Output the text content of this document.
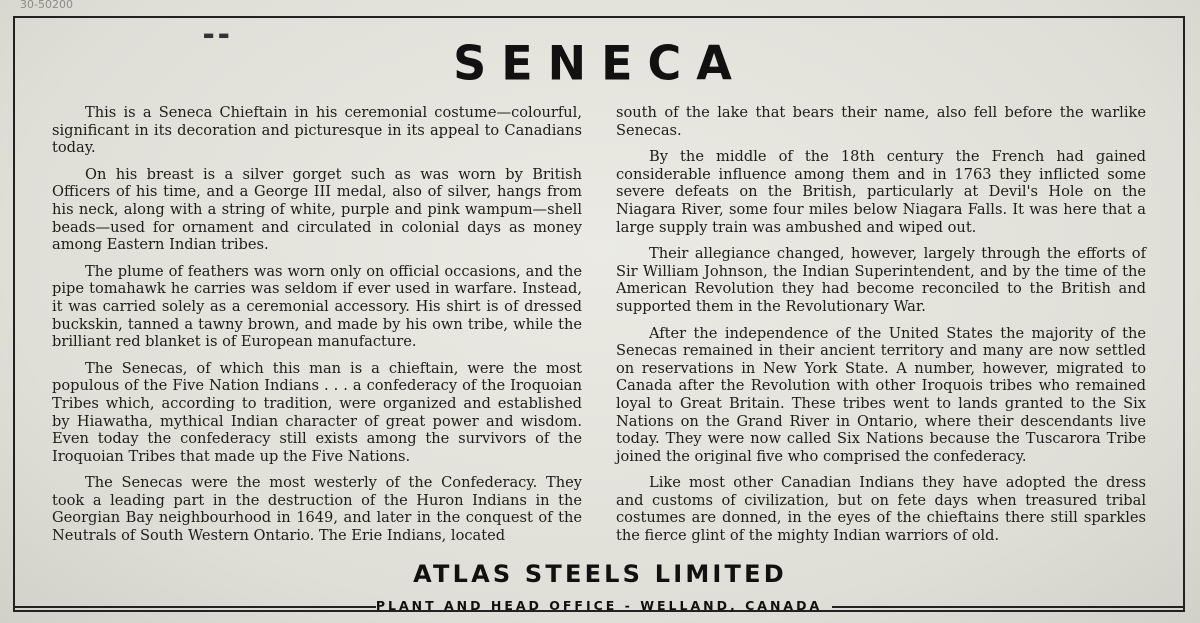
30-50200
▬ ▬
SENECA

This is a Seneca Chieftain in his ceremonial costume—colourful, significant in its decoration and picturesque in its appeal to Canadians today.

On his breast is a silver gorget such as was worn by British Officers of his time, and a George III medal, also of silver, hangs from his neck, along with a string of white, purple and pink wampum—shell beads—used for ornament and circulated in colonial days as money among Eastern Indian tribes.

The plume of feathers was worn only on official occasions, and the pipe tomahawk he carries was seldom if ever used in warfare. Instead, it was carried solely as a ceremonial accessory. His shirt is of dressed buckskin, tanned a tawny brown, and made by his own tribe, while the brilliant red blanket is of European manufacture.

The Senecas, of which this man is a chieftain, were the most populous of the Five Nation Indians . . . a confederacy of the Iroquoian Tribes which, according to tradition, were organized and established by Hiawatha, mythical Indian character of great power and wisdom. Even today the confederacy still exists among the survivors of the Iroquoian Tribes that made up the Five Nations.

The Senecas were the most westerly of the Confederacy. They took a leading part in the destruction of the Huron Indians in the Georgian Bay neighbourhood in 1649, and later in the conquest of the Neutrals of South Western Ontario. The Erie Indians, located

south of the lake that bears their name, also fell before the warlike Senecas.

By the middle of the 18th century the French had gained considerable influence among them and in 1763 they inflicted some severe defeats on the British, particularly at Devil's Hole on the Niagara River, some four miles below Niagara Falls. It was here that a large supply train was ambushed and wiped out.

Their allegiance changed, however, largely through the efforts of Sir William Johnson, the Indian Superintendent, and by the time of the American Revolution they had become reconciled to the British and supported them in the Revolutionary War.

After the independence of the United States the majority of the Senecas remained in their ancient territory and many are now settled on reservations in New York State. A number, however, migrated to Canada after the Revolution with other Iroquois tribes who remained loyal to Great Britain. These tribes went to lands granted to the Six Nations on the Grand River in Ontario, where their descendants live today. They were now called Six Nations because the Tuscarora Tribe joined the original five who comprised the confederacy.

Like most other Canadian Indians they have adopted the dress and customs of civilization, but on fete days when treasured tribal costumes are donned, in the eyes of the chieftains there still sparkles the fierce glint of the mighty Indian warriors of old.

ATLAS STEELS LIMITED
PLANT AND HEAD OFFICE - WELLAND, CANADA
